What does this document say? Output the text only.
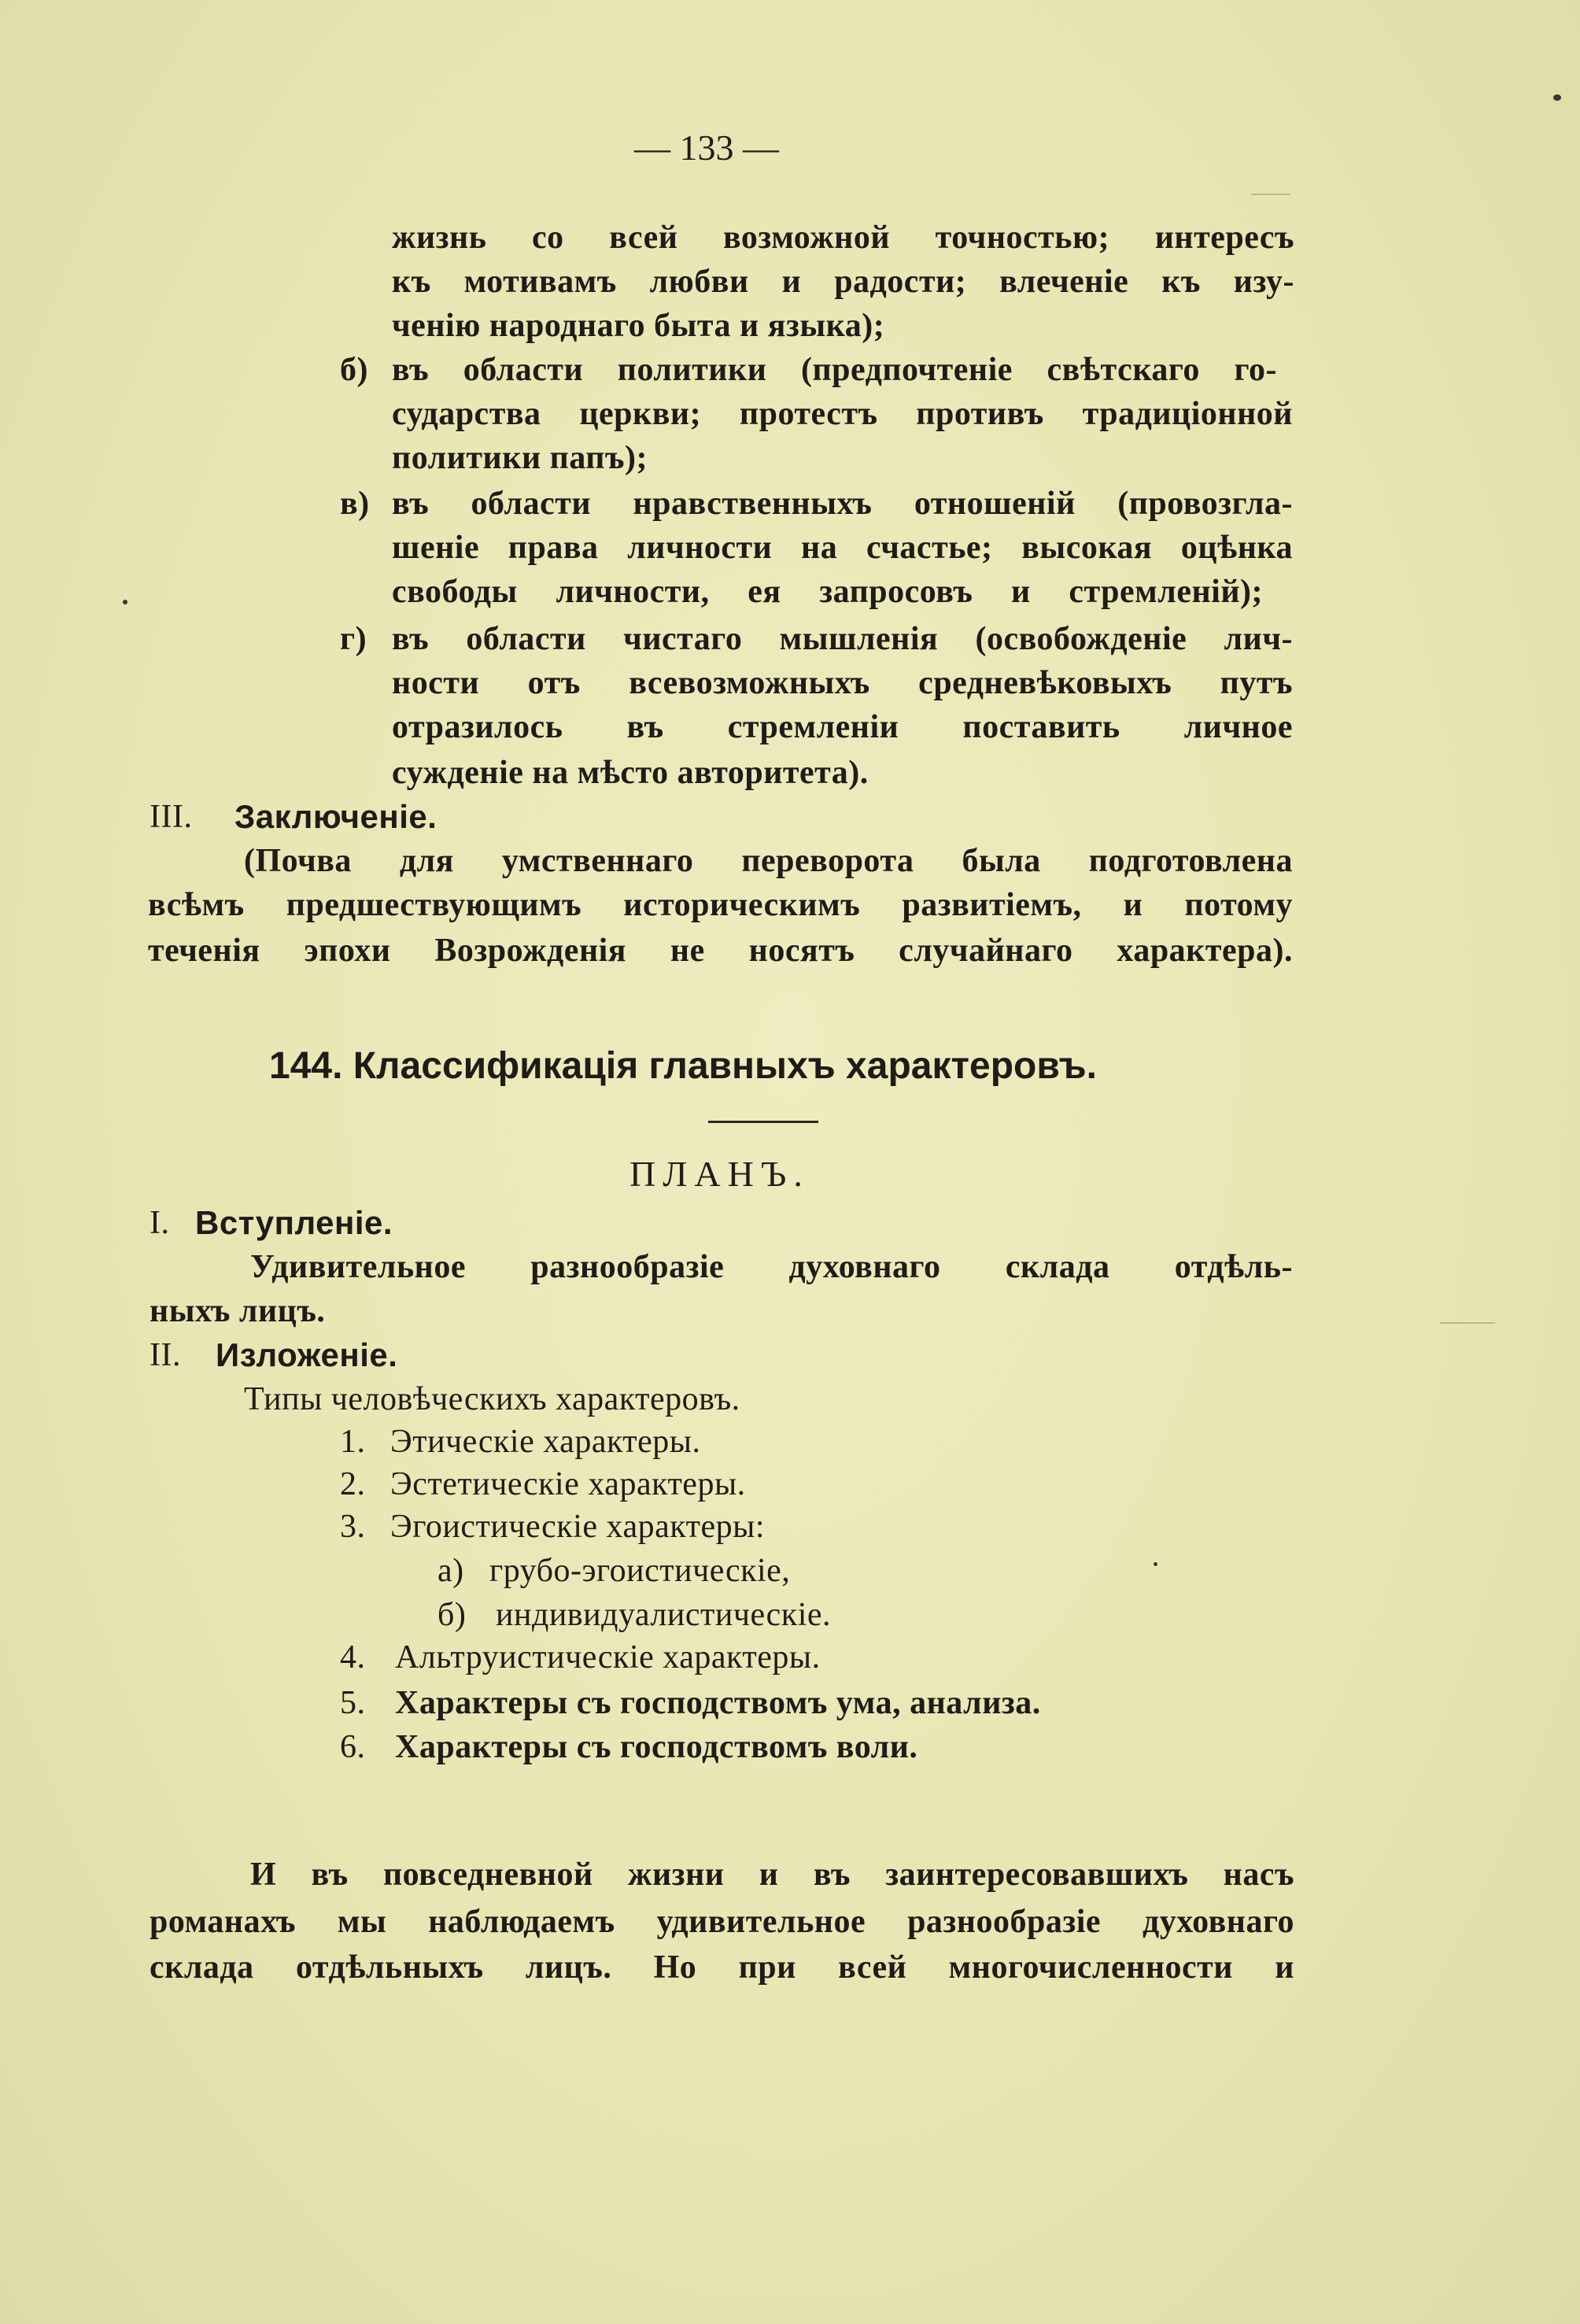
— 133 —
жизнь со всей возможной точностью; интересъ
къ мотивамъ любви и радости; влеченіе къ изу-
ченію народнаго быта и языка);
б) въ области политики (предпочтеніе свѣтскаго го-
сударства церкви; протестъ противъ традиціонной
политики папъ);
в) въ области нравственныхъ отношеній (провозгла-
шеніе права личности на счастье; высокая оцѣнка
свободы личности, ея запросовъ и стремленій);
г) въ области чистаго мышленія (освобожденіе лич-
ности отъ всевозможныхъ средневѣковыхъ путъ
отразилось въ стремленіи поставить личное
сужденіе на мѣсто авторитета).
III. Заключеніе.
(Почва для умственнаго переворота была подготовлена
всѣмъ предшествующимъ историческимъ развитіемъ, и потому
теченія эпохи Возрожденія не носятъ случайнаго характера).
144. Классификація главныхъ характеровъ.
ПЛАНЪ.
I. Вступленіе.
Удивительное разнообразіе духовнаго склада отдѣль-
ныхъ лицъ.
II. Изложеніе.
Типы человѣческихъ характеровъ.
1. Этическіе характеры.
2. Эстетическіе характеры.
3. Эгоистическіе характеры:
а) грубо-эгоистическіе,
б) индивидуалистическіе.
4. Альтруистическіе характеры.
5. Характеры съ господствомъ ума, анализа.
6. Характеры съ господствомъ воли.
И въ повседневной жизни и въ заинтересовавшихъ насъ
романахъ мы наблюдаемъ удивительное разнообразіе духовнаго
склада отдѣльныхъ лицъ. Но при всей многочисленности и
